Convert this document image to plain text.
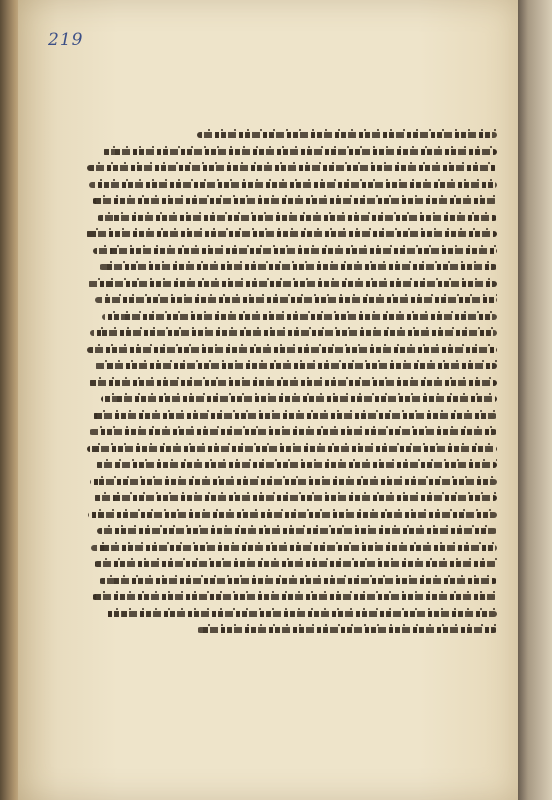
219
